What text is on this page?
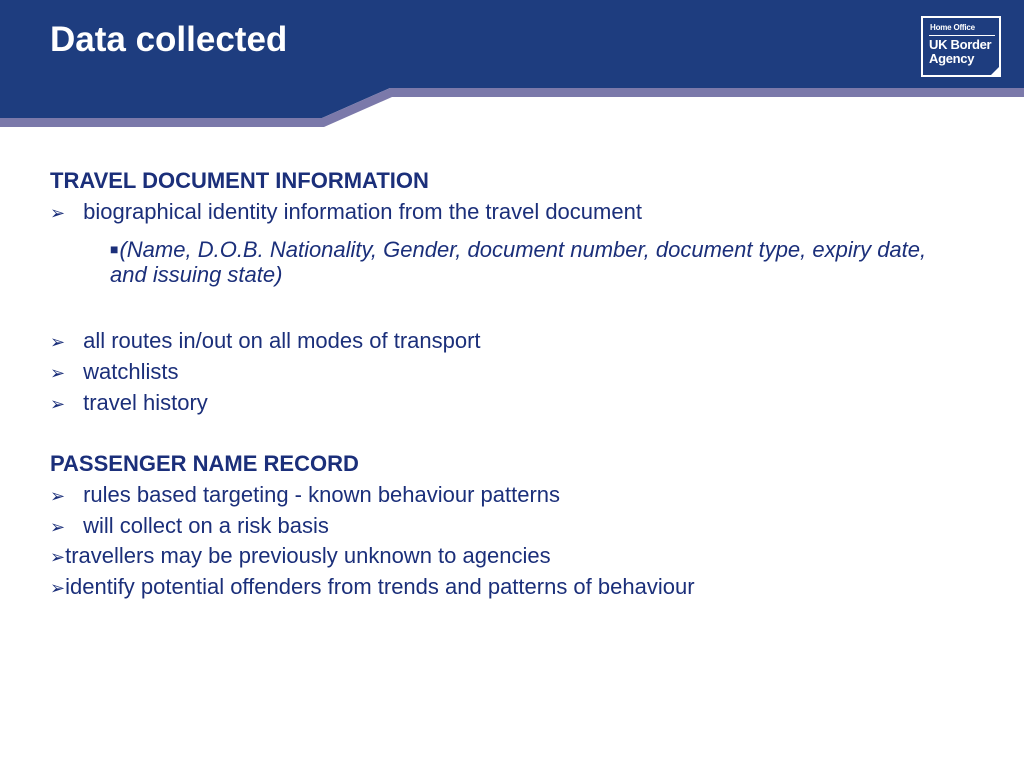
Data collected	Home Office
UK Border
Agency
TRAVEL DOCUMENT INFORMATION
➢ biographical identity information from the travel document
■(Name, D.O.B. Nationality, Gender, document number, document type, expiry date, and issuing state)
➢ all routes in/out on all modes of transport
➢ watchlists
➢ travel history
PASSENGER NAME RECORD
➢ rules based targeting - known behaviour patterns
➢ will collect on a risk basis
➢travellers may be previously unknown to agencies
➢identify potential offenders from trends and patterns of behaviour
